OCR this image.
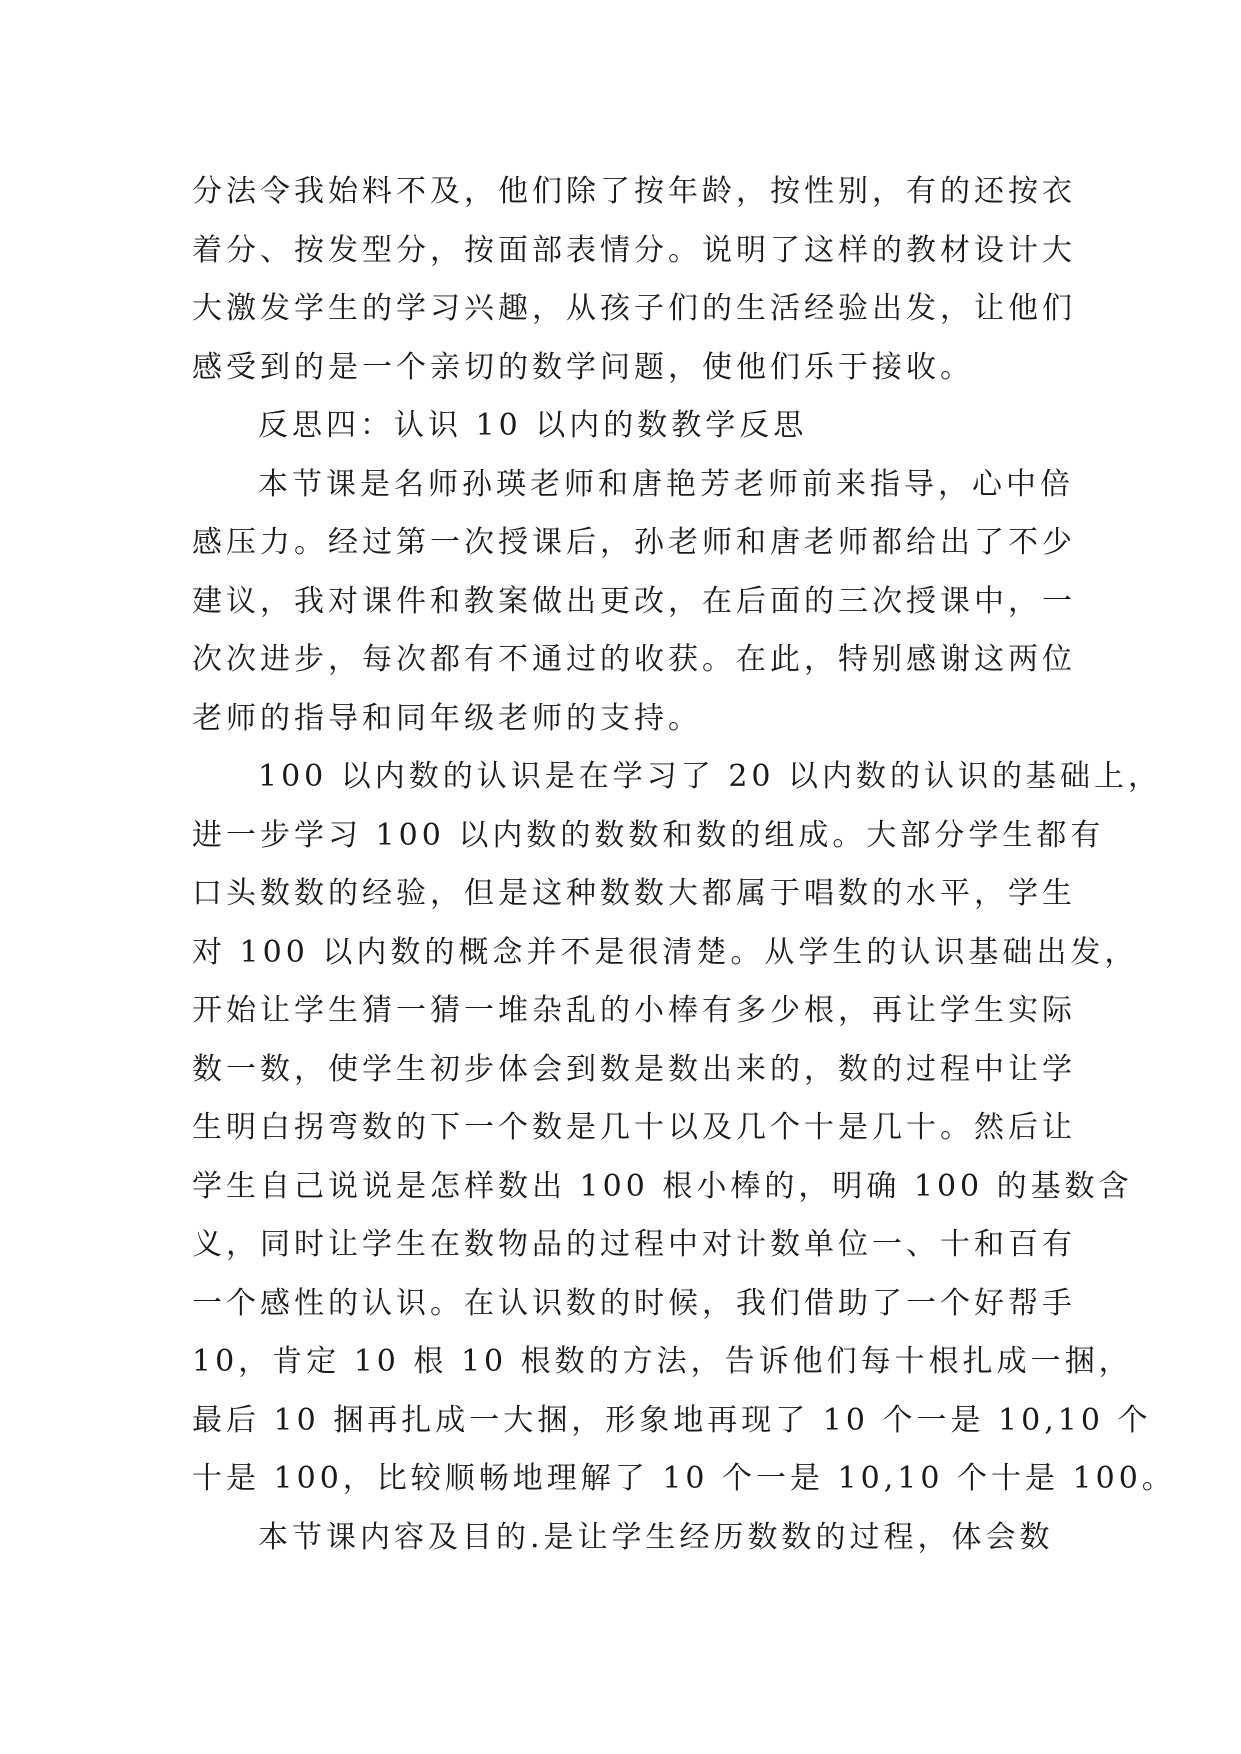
分法令我始料不及，他们除了按年龄，按性别，有的还按衣
着分、按发型分，按面部表情分。说明了这样的教材设计大
大激发学生的学习兴趣，从孩子们的生活经验出发，让他们
感受到的是一个亲切的数学问题，使他们乐于接收。
反思四：认识 10 以内的数教学反思
本节课是名师孙瑛老师和唐艳芳老师前来指导，心中倍
感压力。经过第一次授课后，孙老师和唐老师都给出了不少
建议，我对课件和教案做出更改，在后面的三次授课中，一
次次进步，每次都有不通过的收获。在此，特别感谢这两位
老师的指导和同年级老师的支持。
100 以内数的认识是在学习了 20 以内数的认识的基础上，
进一步学习 100 以内数的数数和数的组成。大部分学生都有
口头数数的经验，但是这种数数大都属于唱数的水平，学生
对 100 以内数的概念并不是很清楚。从学生的认识基础出发，
开始让学生猜一猜一堆杂乱的小棒有多少根，再让学生实际
数一数，使学生初步体会到数是数出来的，数的过程中让学
生明白拐弯数的下一个数是几十以及几个十是几十。然后让
学生自己说说是怎样数出 100 根小棒的，明确 100 的基数含
义，同时让学生在数物品的过程中对计数单位一、十和百有
一个感性的认识。在认识数的时候，我们借助了一个好帮手
10，肯定 10 根 10 根数的方法，告诉他们每十根扎成一捆，
最后 10 捆再扎成一大捆，形象地再现了 10 个一是 10,10 个
十是 100，比较顺畅地理解了 10 个一是 10,10 个十是 100。
本节课内容及目的.是让学生经历数数的过程，体会数
